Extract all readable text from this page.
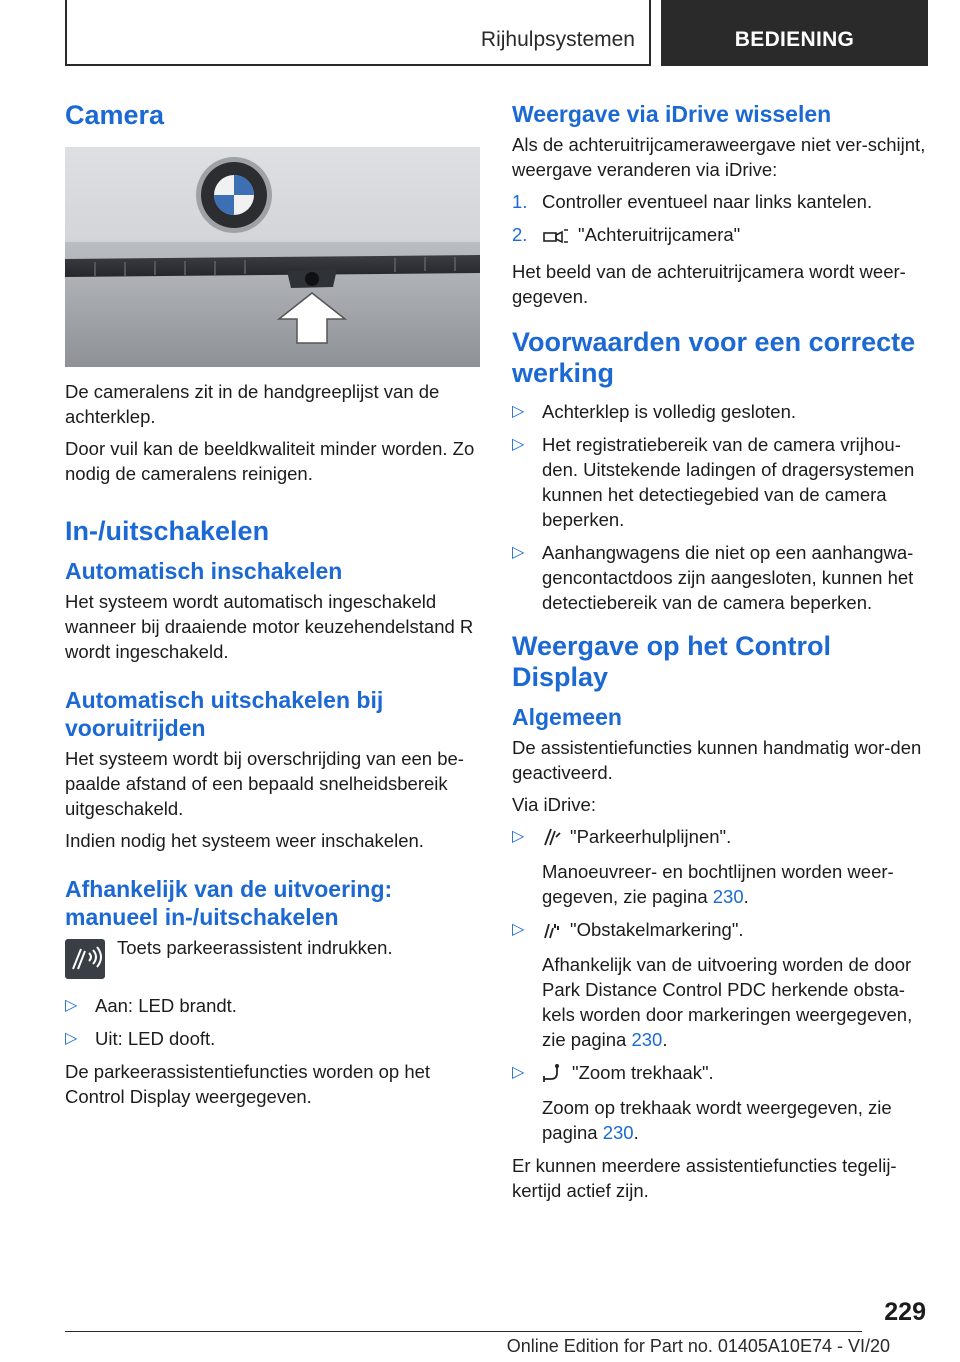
Rijhulpsystemen	BEDIENING
Camera

De cameralens zit in de handgreeplijst van de achterklep.

Door vuil kan de beeldkwaliteit minder worden. Zo nodig de cameralens reinigen.

In-/uitschakelen
Automatisch inschakelen

Het systeem wordt automatisch ingeschakeld wanneer bij draaiende motor keuzehendelstand R wordt ingeschakeld.

Automatisch uitschakelen bij vooruitrijden

Het systeem wordt bij overschrijding van een be-paalde afstand of een bepaald snelheidsbereik uitgeschakeld.

Indien nodig het systeem weer inschakelen.

Afhankelijk van de uitvoering: manueel in-/uitschakelen

Toets parkeerassistent indrukken.

▷ Aan: LED brandt.
▷ Uit: LED dooft.

De parkeerassistentiefuncties worden op het Control Display weergegeven.

Weergave via iDrive wisselen

Als de achteruitrijcameraweergave niet ver-schijnt, weergave veranderen via iDrive:

1. Controller eventueel naar links kantelen.
2.	"Achteruitrijcamera"

Het beeld van de achteruitrijcamera wordt weer-gegeven.

Voorwaarden voor een correcte werking
▷ Achterklep is volledig gesloten.
▷ Het registratiebereik van de camera vrijhou-den. Uitstekende ladingen of dragersystemen kunnen het detectiegebied van de camera beperken.
▷ Aanhangwagens die niet op een aanhangwa-gencontactdoos zijn aangesloten, kunnen het detectiebereik van de camera beperken.
Weergave op het Control Display
Algemeen

De assistentiefuncties kunnen handmatig wor-den geactiveerd.

Via iDrive:

▷ "Parkeerhulplijnen".
Manoeuvreer- en bochtlijnen worden weer-gegeven, zie pagina 230.
▷ "Obstakelmarkering".
Afhankelijk van de uitvoering worden de door Park Distance Control PDC herkende obsta-kels worden door markeringen weergegeven, zie pagina 230.
▷	"Zoom trekhaak".
Zoom op trekhaak wordt weergegeven, zie pagina 230.

Er kunnen meerdere assistentiefuncties tegelij-kertijd actief zijn.

229
Online Edition for Part no. 01405A10E74 - VI/20
